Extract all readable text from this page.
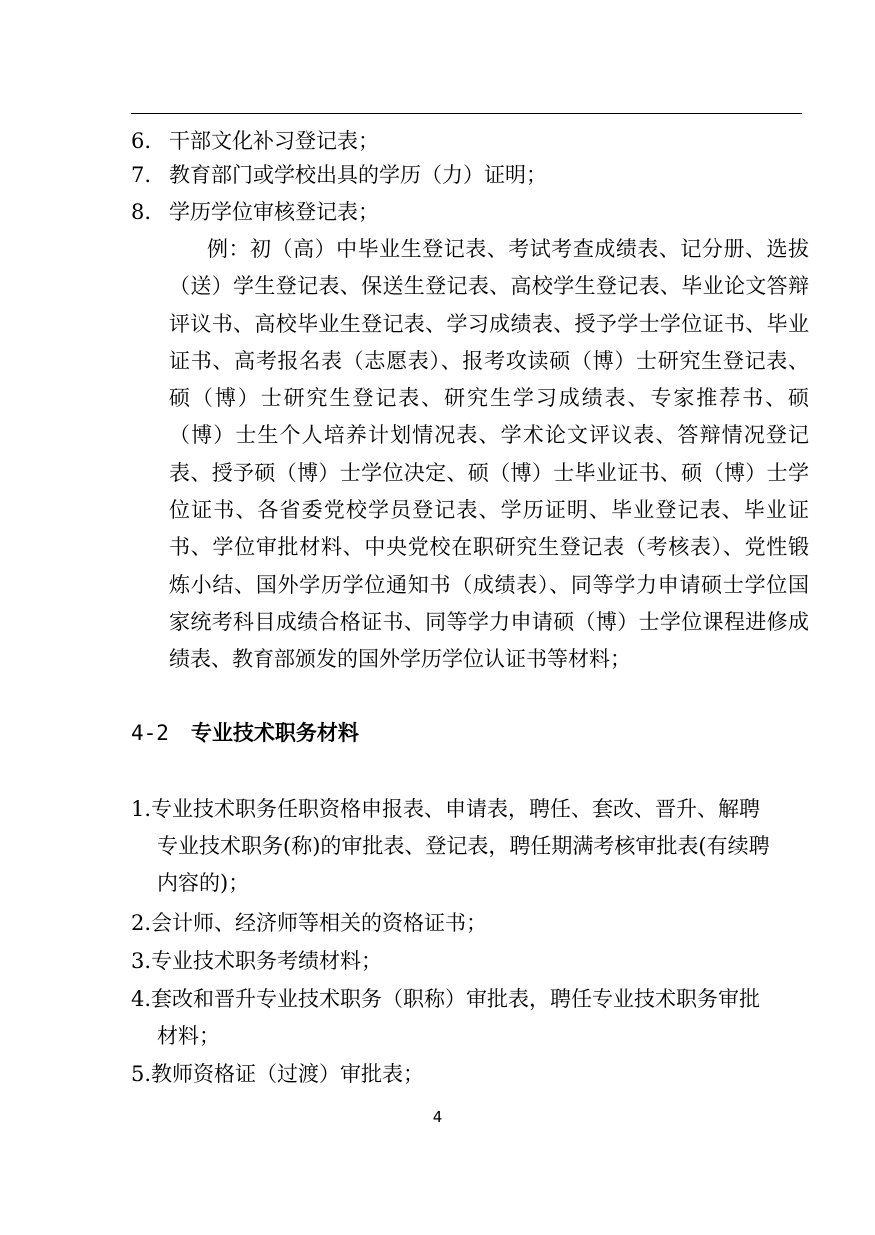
6. 干部文化补习登记表；
7. 教育部门或学校出具的学历（力）证明；
8. 学历学位审核登记表；
例：初（高）中毕业生登记表、考试考查成绩表、记分册、选拔（送）学生登记表、保送生登记表、高校学生登记表、毕业论文答辩评议书、高校毕业生登记表、学习成绩表、授予学士学位证书、毕业证书、高考报名表（志愿表）、报考攻读硕（博）士研究生登记表、硕（博）士研究生登记表、研究生学习成绩表、专家推荐书、硕（博）士生个人培养计划情况表、学术论文评议表、答辩情况登记表、授予硕（博）士学位决定、硕（博）士毕业证书、硕（博）士学位证书、各省委党校学员登记表、学历证明、毕业登记表、毕业证书、学位审批材料、中央党校在职研究生登记表（考核表）、党性锻炼小结、国外学历学位通知书（成绩表）、同等学力申请硕士学位国家统考科目成绩合格证书、同等学力申请硕（博）士学位课程进修成绩表、教育部颁发的国外学历学位认证书等材料；
4-2 专业技术职务材料
1.专业技术职务任职资格申报表、申请表，聘任、套改、晋升、解聘
专业技术职务(称)的审批表、登记表，聘任期满考核审批表(有续聘
内容的)；
2.会计师、经济师等相关的资格证书；
3.专业技术职务考绩材料；
4.套改和晋升专业技术职务（职称）审批表，聘任专业技术职务审批
材料；
5.教师资格证（过渡）审批表；
4
